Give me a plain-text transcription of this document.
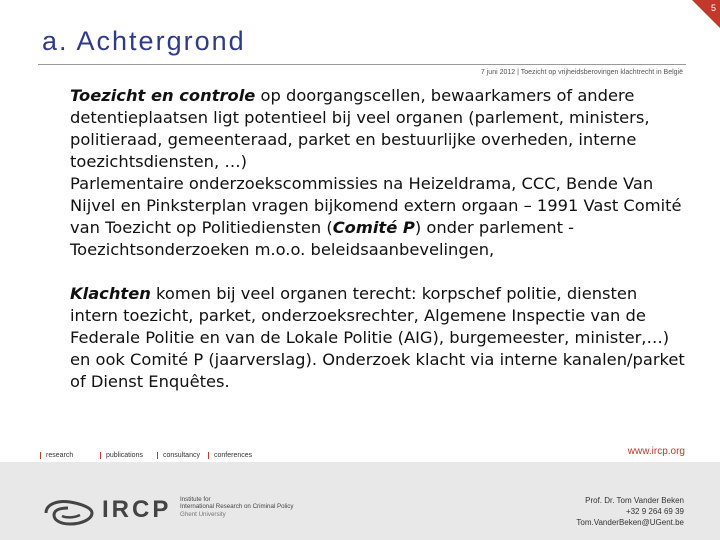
5
a. Achtergrond
7 juni 2012 | Toezicht op vrijheidsberovingen klachtrecht in België

Toezicht en controle op doorgangscellen, bewaarkamers of andere detentieplaatsen ligt potentieel bij veel organen (parlement, ministers, politieraad, gemeenteraad, parket en bestuurlijke overheden, interne toezichtsdiensten, …)

Parlementaire onderzoekscommissies na Heizeldrama, CCC, Bende Van Nijvel en Pinksterplan vragen bijkomend extern orgaan – 1991 Vast Comité van Toezicht op Politiediensten (Comité P) onder parlement - Toezichtsonderzoeken m.o.o. beleidsaanbevelingen,

Klachten komen bij veel organen terecht: korpschef politie, diensten intern toezicht, parket, onderzoeksrechter, Algemene Inspectie van de Federale Politie en van de Lokale Politie (AIG), burgemeester, minister,…) en ook Comité P (jaarverslag). Onderzoek klacht via interne kanalen/parket of Dienst Enquêtes.

research	publications	consultancy	conferences	www.ircp.org
IRCP Institute for
International Research on Criminal Policy
Ghent University
Prof. Dr. Tom Vander Beken
+32 9 264 69 39
Tom.VanderBeken@UGent.be
